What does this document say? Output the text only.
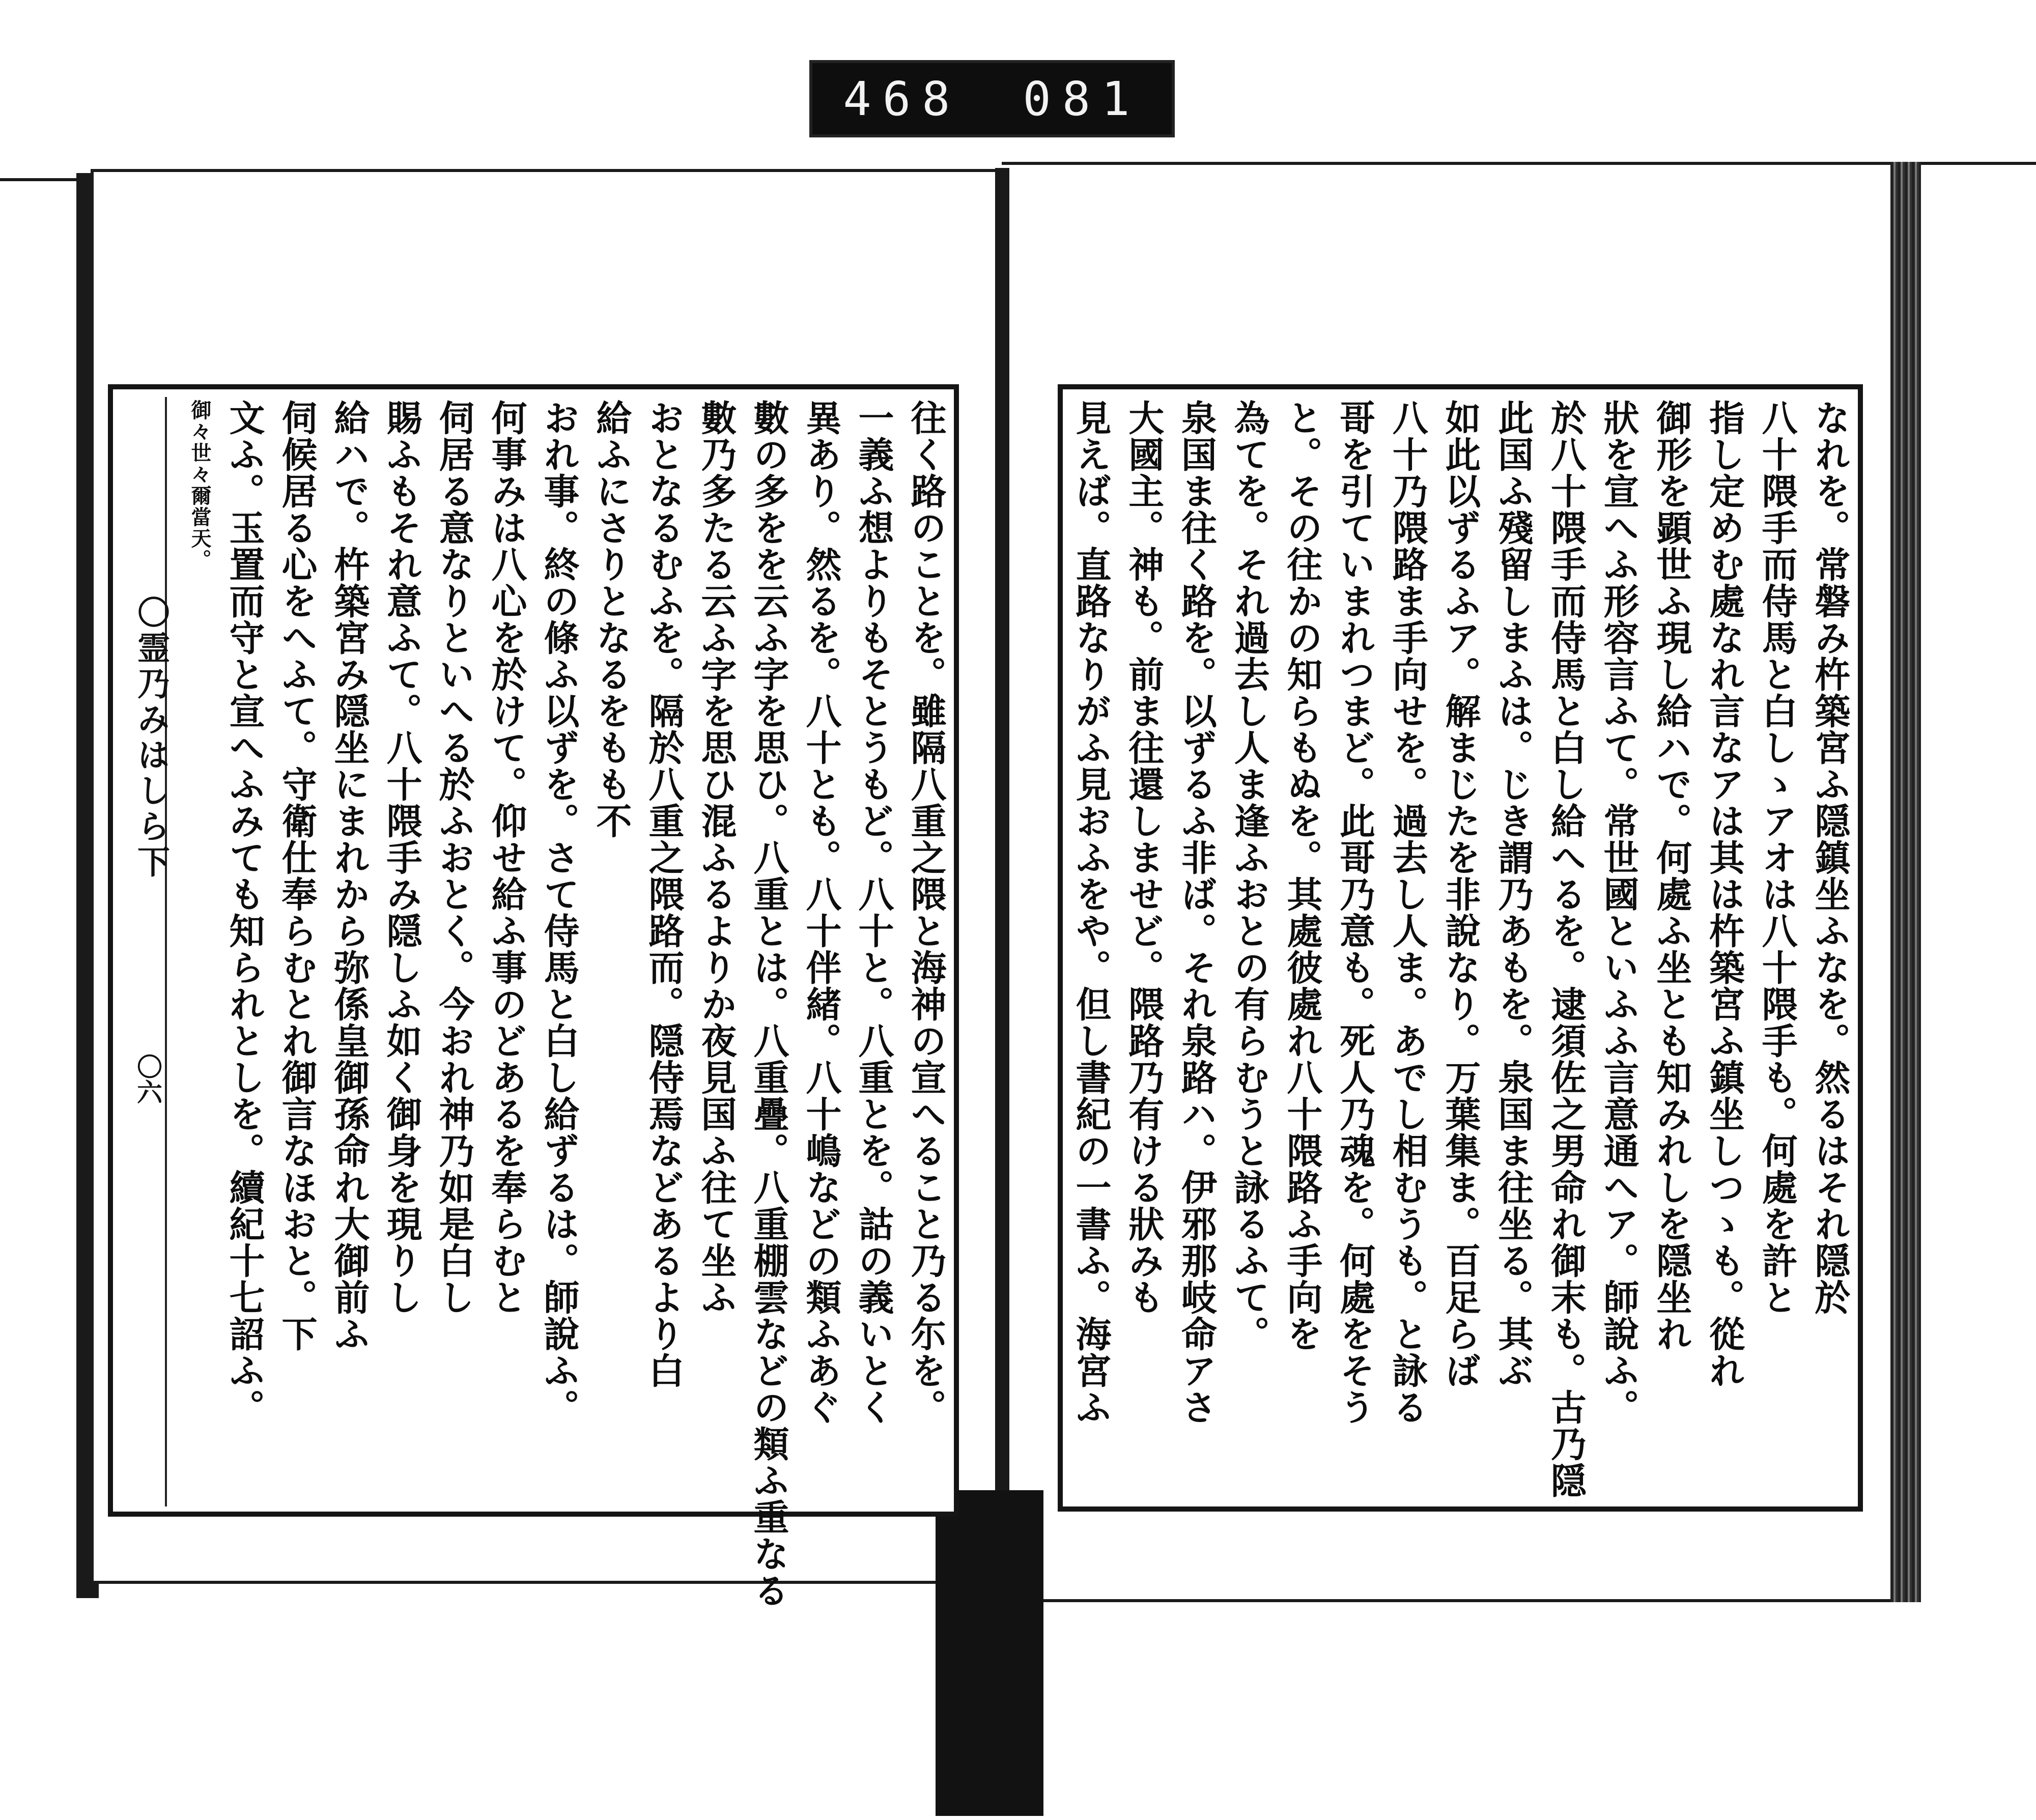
468 081
往く路のことを。雖隔八重之隈と海神の宣へること乃る尓を。
一義ふ想よりもそとうもど。八十と。八重とを。詁の義いとく
異あり。然るを。八十とも。八十伴緒。八十嶋などの類ふあぐ
數の多をを云ふ字を思ひ。八重とは。八重疊。八重棚雲などの類ふ重なる
數乃多たる云ふ字を思ひ混ふるよりか夜見国ふ往て坐ふ
おとなるむふを。隔於八重之隈路而。隠侍焉などあるより白
給ふにさりとなるをもも不
おれ事。終の條ふ以ずを。さて侍馬と白し給ずるは。師說ふ。
何事みは八心を於けて。仰せ給ふ事のどあるを奉らむと
伺居る意なりといへる於ふおとく。今おれ神乃如是白し
賜ふもそれ意ふて。八十隈手み隠しふ如く御身を現りし
給ハで。杵築宮み隠坐にまれから弥係皇御孫命れ大御前ふ
伺候居る心をへふて。守衛仕奉らむとれ御言なほおと。下
文ふ。玉置而守と宣へふみても知られとしを。續紀十七詔ふ。
御々世々爾當天。
〇霊乃みはしら下
〇六	なれを。常磐み杵築宮ふ隠鎮坐ふなを。然るはそれ隠於
八十隈手而侍馬と白しゝアオは八十隈手も。何處を許と
指し定めむ處なれ言なアは其は杵築宮ふ鎮坐しつゝも。從れ
御形を顕世ふ現し給ハで。何處ふ坐とも知みれしを隠坐れ
狀を宣へふ形容言ふて。常世國といふふ言意通へア。師說ふ。
於八十隈手而侍馬と白し給へるを。逮須佐之男命れ御末も。古乃隠
此国ふ殘留しまふは。じき謂乃あもを。泉国ま往坐る。其ぶ
如此以ずるふア。解まじたを非說なり。万葉集ま。百足らば
八十乃隈路ま手向せを。過去し人ま。あでし相むうも。と詠る
哥を引ていまれつまど。此哥乃意も。死人乃魂を。何處をそう
と。その往かの知らもぬを。其處彼處れ八十隈路ふ手向を
為てを。それ過去し人ま逢ふおとの有らむうと詠るふて。
泉国ま往く路を。以ずるふ非ば。それ泉路ハ。伊邪那岐命アさ
大國主。神も。前ま往還しませど。隈路乃有ける狀みも
見えば。直路なりがふ見おふをや。但し書紀の一書ふ。海宮ふ
